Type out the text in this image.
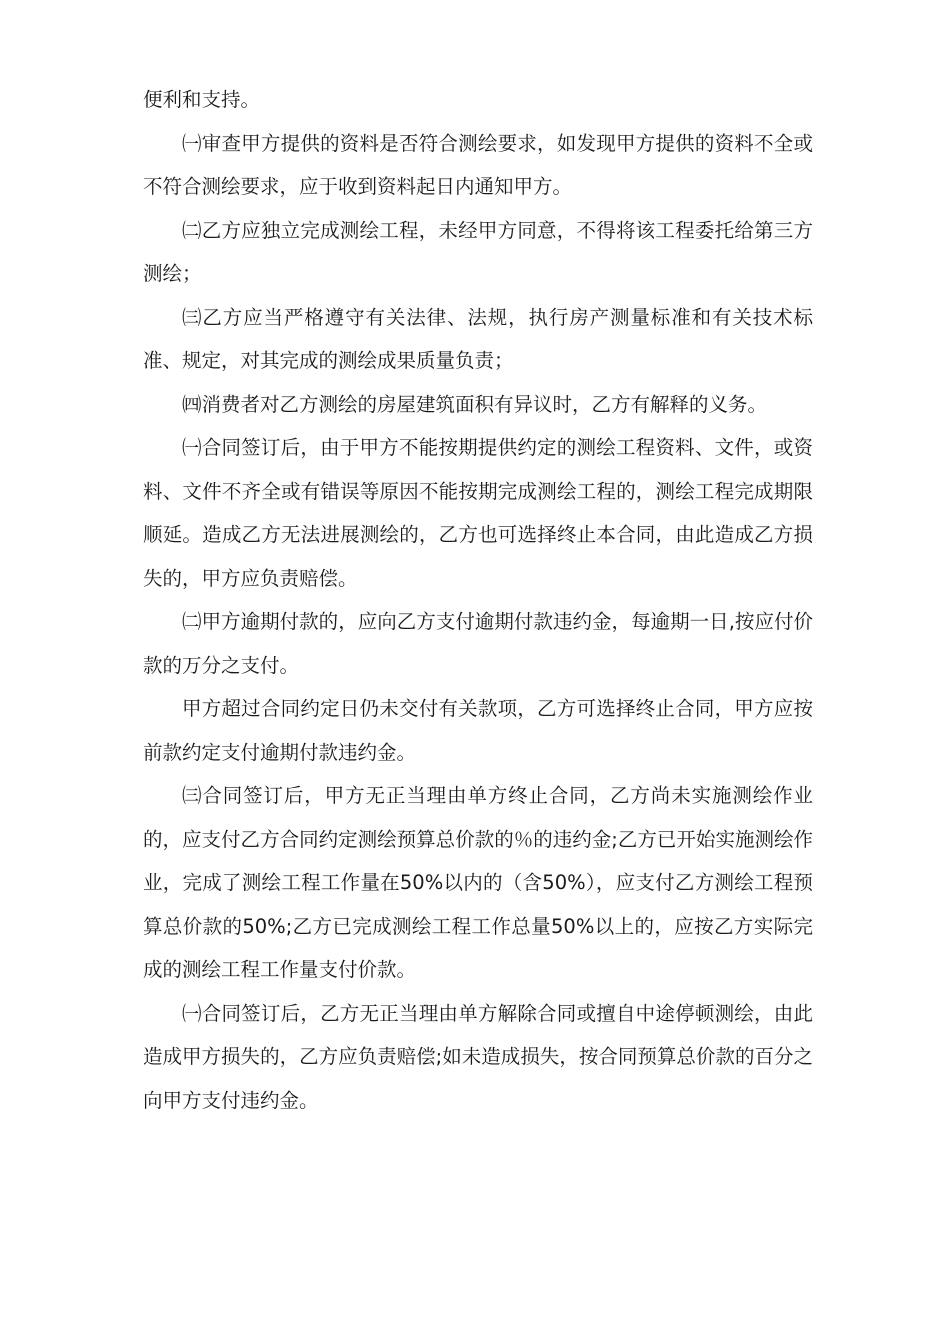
便利和支持。

㈠审查甲方提供的资料是否符合测绘要求，如发现甲方提供的资料不全或不符合测绘要求，应于收到资料起日内通知甲方。

㈡乙方应独立完成测绘工程，未经甲方同意，不得将该工程委托给第三方测绘；

㈢乙方应当严格遵守有关法律、法规，执行房产测量标准和有关技术标准、规定，对其完成的测绘成果质量负责；

㈣消费者对乙方测绘的房屋建筑面积有异议时，乙方有解释的义务。

㈠合同签订后，由于甲方不能按期提供约定的测绘工程资料、文件，或资料、文件不齐全或有错误等原因不能按期完成测绘工程的，测绘工程完成期限顺延。造成乙方无法进展测绘的，乙方也可选择终止本合同，由此造成乙方损失的，甲方应负责赔偿。

㈡甲方逾期付款的，应向乙方支付逾期付款违约金，每逾期一日,按应付价款的万分之支付。

甲方超过合同约定日仍未交付有关款项，乙方可选择终止合同，甲方应按前款约定支付逾期付款违约金。

㈢合同签订后，甲方无正当理由单方终止合同，乙方尚未实施测绘作业的，应支付乙方合同约定测绘预算总价款的％的违约金;乙方已开始实施测绘作业，完成了测绘工程工作量在50%以内的（含50%），应支付乙方测绘工程预算总价款的50%;乙方已完成测绘工程工作总量50%以上的，应按乙方实际完成的测绘工程工作量支付价款。

㈠合同签订后，乙方无正当理由单方解除合同或擅自中途停顿测绘，由此造成甲方损失的，乙方应负责赔偿;如未造成损失，按合同预算总价款的百分之向甲方支付违约金。
